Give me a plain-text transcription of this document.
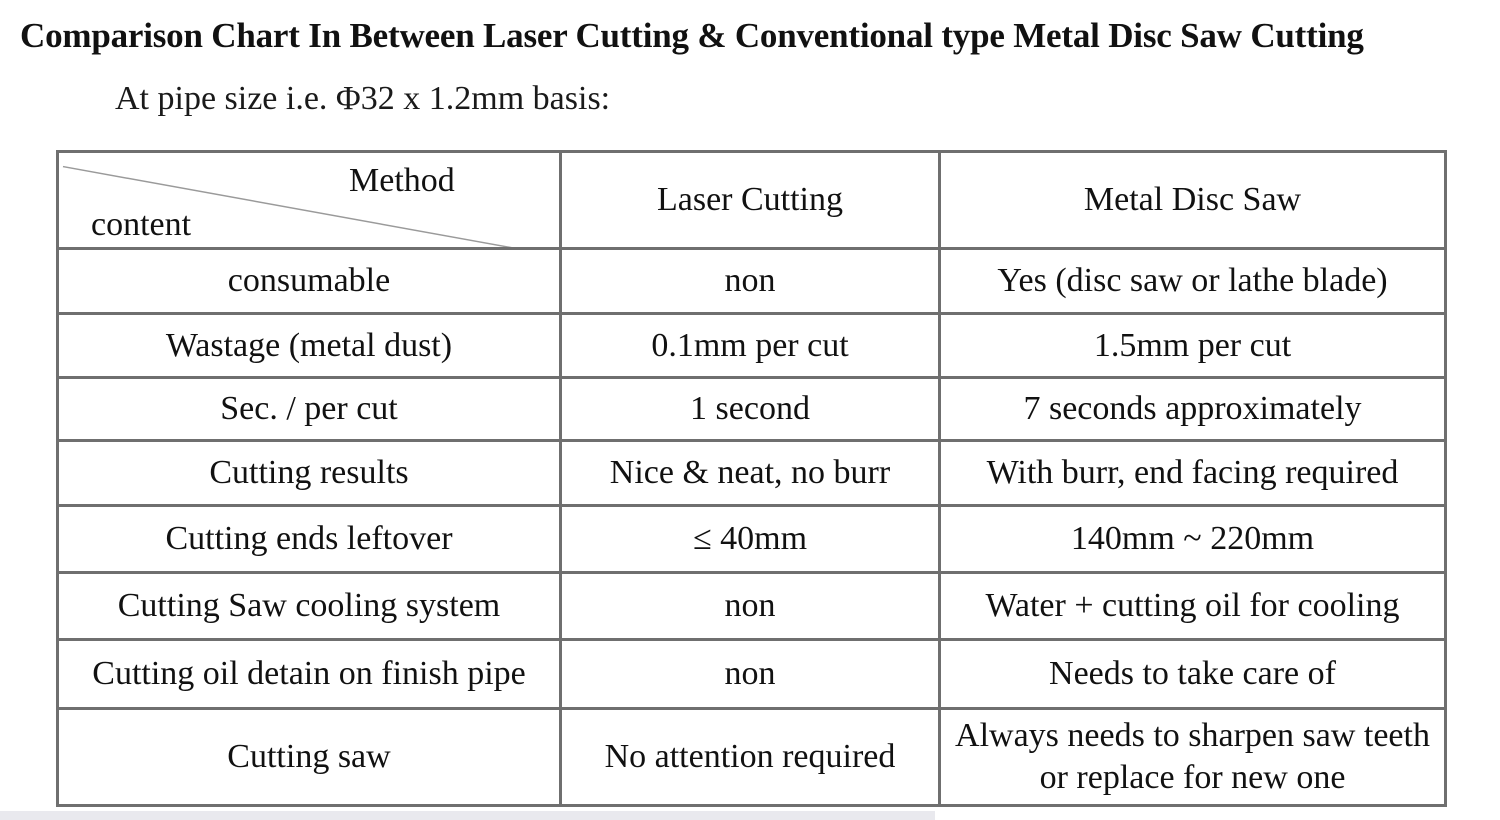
Comparison Chart In Between Laser Cutting & Conventional type Metal Disc Saw Cutting
At pipe size i.e. Φ32 x 1.2mm basis:
Method
content	Laser Cutting	Metal Disc Saw
consumable	non	Yes (disc saw or lathe blade)
Wastage (metal dust)	0.1mm per cut	1.5mm per cut
Sec. / per cut	1 second	7 seconds approximately
Cutting results	Nice & neat, no burr	With burr, end facing required
Cutting ends leftover	≤ 40mm	140mm ~ 220mm
Cutting Saw cooling system	non	Water + cutting oil for cooling
Cutting oil detain on finish pipe	non	Needs to take care of
Cutting saw	No attention required	Always needs to sharpen saw teeth or replace for new one
